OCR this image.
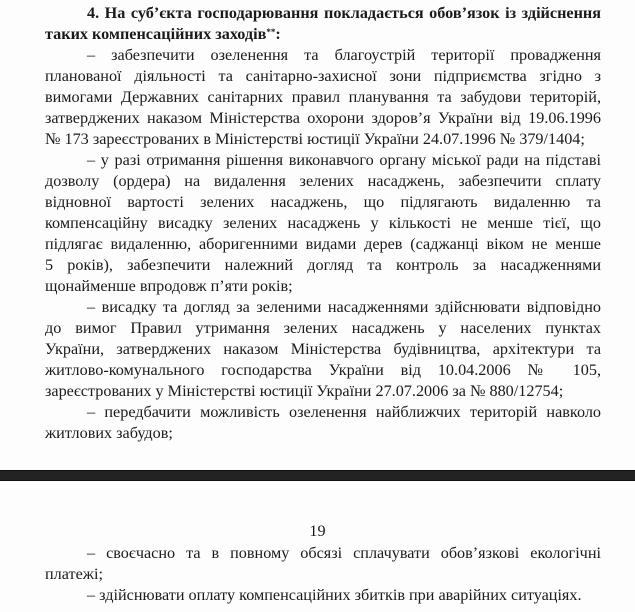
4. На суб’єкта господарювання покладається обов’язок із здійснення
таких компенсаційних заходів**:
– забезпечити озеленення та благоустрій території провадження
планованої діяльності та санітарно-захисної зони підприємства згідно з
вимогами Державних санітарних правил планування та забудови територій,
затверджених наказом Міністерства охорони здоров’я України від 19.06.1996
№ 173 зареєстрованих в Міністерстві юстиції України 24.07.1996 № 379/1404;
– у разі отримання рішення виконавчого органу міської ради на підставі
дозволу (ордера) на видалення зелених насаджень, забезпечити сплату
відновної вартості зелених насаджень, що підлягають видаленню та
компенсаційну висадку зелених насаджень у кількості не менше тієї, що
підлягає видаленню, аборигенними видами дерев (саджанці віком не менше
5 років), забезпечити належний догляд та контроль за насадженнями
щонайменше впродовж п’яти років;
– висадку та догляд за зеленими насадженнями здійснювати відповідно
до вимог Правил утримання зелених насаджень у населених пунктах
України, затверджених наказом Міністерства будівництва, архітектури та
житлово-комунального господарства України від 10.04.2006 № 105,
зареєстрованих у Міністерстві юстиції України 27.07.2006 за № 880/12754;
– передбачити можливість озеленення найближчих територій навколо
житлових забудов;
19
– своєчасно та в повному обсязі сплачувати обов’язкові екологічні
платежі;
– здійснювати оплату компенсаційних збитків при аварійних ситуаціях.
